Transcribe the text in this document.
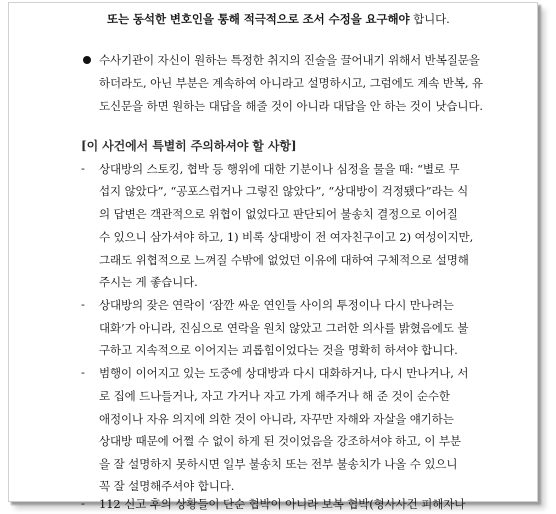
또는 동석한 변호인을 통해 적극적으로 조서 수정을 요구해야 합니다.
수사기관이 자신이 원하는 특정한 취지의 진술을 끌어내기 위해서 반복질문을
하더라도, 아닌 부분은 계속하여 아니라고 설명하시고, 그럼에도 계속 반복, 유
도신문을 하면 원하는 대답을 해줄 것이 아니라 대답을 안 하는 것이 낫습니다.
[이 사건에서 특별히 주의하셔야 할 사항]
- 상대방의 스토킹, 협박 등 행위에 대한 기분이나 심정을 물을 때: “별로 무
섭지 않았다”, “공포스럽거나 그렇진 않았다”, “상대방이 걱정됐다”라는 식
의 답변은 객관적으로 위협이 없었다고 판단되어 불송치 결정으로 이어질
수 있으니 삼가셔야 하고, 1) 비록 상대방이 전 여자친구이고 2) 여성이지만,
그래도 위협적으로 느껴질 수밖에 없었던 이유에 대하여 구체적으로 설명해
주시는 게 좋습니다.
- 상대방의 잦은 연락이 ‘잠깐 싸운 연인들 사이의 투정이나 다시 만나려는
대화’가 아니라, 진심으로 연락을 원치 않았고 그러한 의사를 밝혔음에도 불
구하고 지속적으로 이어지는 괴롭힘이었다는 것을 명확히 하셔야 합니다.
- 범행이 이어지고 있는 도중에 상대방과 다시 대화하거나, 다시 만나거나, 서
로 집에 드나들거나, 자고 가거나 자고 가게 해주거나 해 준 것이 순수한
애정이나 자유 의지에 의한 것이 아니라, 자꾸만 자해와 자살을 얘기하는
상대방 때문에 어쩔 수 없이 하게 된 것이었음을 강조하셔야 하고, 이 부분
을 잘 설명하지 못하시면 일부 불송치 또는 전부 불송치가 나올 수 있으니
꼭 잘 설명해주셔야 합니다.
- 112 신고 후의 상황들이 단순 협박이 아니라 보복 협박(형사사건 피해자나
